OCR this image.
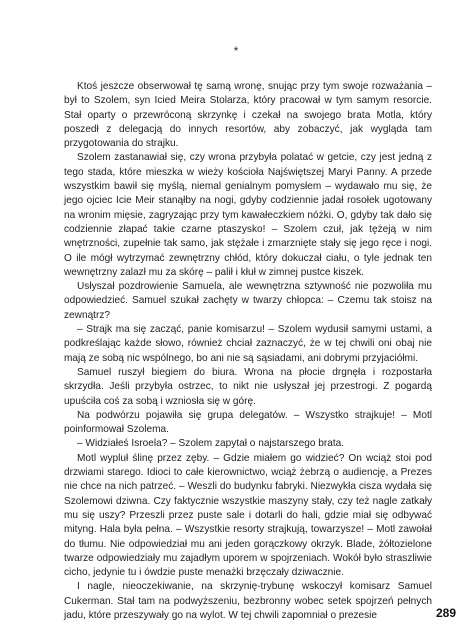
*

Ktoś jeszcze obserwował tę samą wronę, snując przy tym swoje rozważania – był to Szolem, syn Icied Meira Stolarza, który pracował w tym samym resorcie. Stał oparty o przewróconą skrzynkę i czekał na swojego brata Motla, który poszedł z delegacją do innych resortów, aby zobaczyć, jak wygląda tam przygotowania do strajku.

Szolem zastanawiał się, czy wrona przybyła polatać w getcie, czy jest jedną z tego stada, które mieszka w wieży kościoła Najświętszej Maryi Panny. A przede wszystkim bawił się myślą, niemal genialnym pomysłem – wydawało mu się, że jego ojciec Icie Meir stanąłby na nogi, gdyby codziennie jadał rosołek ugotowany na wronim mięsie, zagryzając przy tym kawałeczkiem nóżki. O, gdyby tak dało się codziennie złapać takie czarne ptaszysko! – Szolem czuł, jak tężeją w nim wnętrzności, zupełnie tak samo, jak stężałe i zmarznięte stały się jego ręce i nogi. O ile mógł wytrzymać zewnętrzny chłód, który dokuczał ciału, o tyle jednak ten wewnętrzny zalazł mu za skórę – palił i kłuł w zimnej pustce kiszek.

Usłyszał pozdrowienie Samuela, ale wewnętrzna sztywność nie pozwoliła mu odpowiedzieć. Samuel szukał zachęty w twarzy chłopca: – Czemu tak stoisz na zewnątrz?

– Strajk ma się zacząć, panie komisarzu! – Szolem wydusił samymi ustami, a podkreślając każde słowo, również chciał zaznaczyć, że w tej chwili oni obaj nie mają ze sobą nic wspólnego, bo ani nie są sąsiadami, ani dobrymi przyjaciółmi.

Samuel ruszył biegiem do biura. Wrona na płocie drgnęła i rozpostarła skrzydła. Jeśli przybyła ostrzec, to nikt nie usłyszał jej przestrogi. Z pogardą upuściła coś za sobą i wzniosła się w górę.

Na podwórzu pojawiła się grupa delegatów. – Wszystko strajkuje! – Motl poinformował Szolema.

– Widziałeś Isroela? – Szolem zapytał o najstarszego brata.

Motl wypluł ślinę przez zęby. – Gdzie miałem go widzieć? On wciąż stoi pod drzwiami starego. Idioci to całe kierownictwo, wciąż żebrzą o audiencję, a Prezes nie chce na nich patrzeć. – Weszli do budynku fabryki. Niezwykła cisza wydała się Szolemowi dziwna. Czy faktycznie wszystkie maszyny stały, czy też nagle zatkały mu się uszy? Przeszli przez puste sale i dotarli do hali, gdzie miał się odbywać mityng. Hala była pełna. – Wszystkie resorty strajkują, towarzysze! – Motl zawołał do tłumu. Nie odpowiedział mu ani jeden gorączkowy okrzyk. Blade, żółtozielone twarze odpowiedziały mu zajadłym uporem w spojrzeniach. Wokół było straszliwie cicho, jedynie tu i ówdzie puste menażki brzęczały dziwacznie.

I nagle, nieoczekiwanie, na skrzynię-trybunę wskoczył komisarz Samuel Cukerman. Stał tam na podwyższeniu, bezbronny wobec setek spojrzeń pełnych jadu, które przeszywały go na wylot. W tej chwili zapomniał o prezesie	289
